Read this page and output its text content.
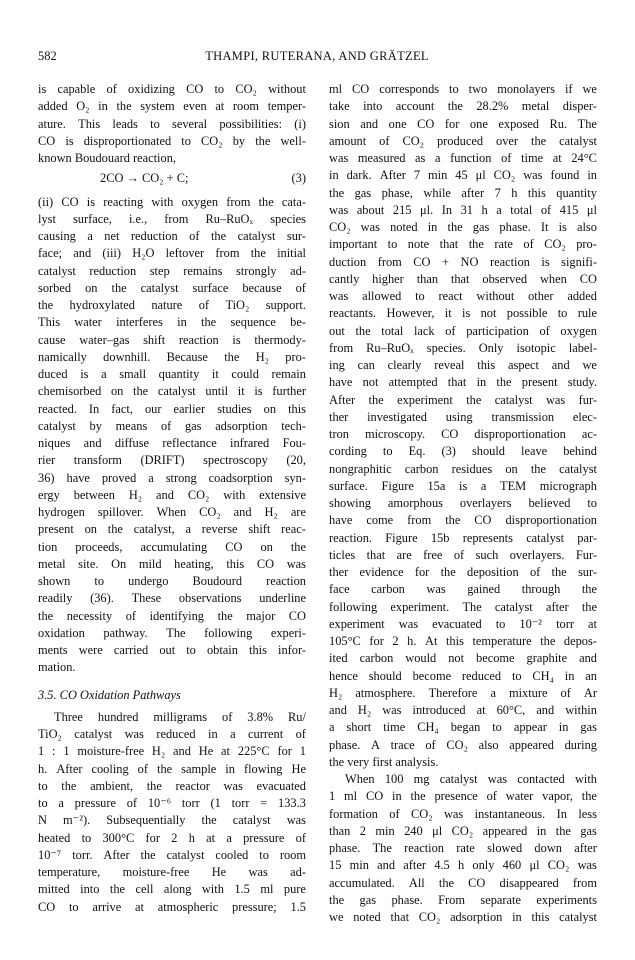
582	THAMPI, RUTERANA, AND GRÄTZEL
is capable of oxidizing CO to CO₂ without
added O₂ in the system even at room temper-
ature. This leads to several possibilities: (i)
CO is disproportionated to CO₂ by the well-
known Boudouard reaction,
2CO → CO₂ + C;	(3)
(ii) CO is reacting with oxygen from the cata-
lyst surface, i.e., from Ru–RuOₓ species
causing a net reduction of the catalyst sur-
face; and (iii) H₂O leftover from the initial
catalyst reduction step remains strongly ad-
sorbed on the catalyst surface because of
the hydroxylated nature of TiO₂ support.
This water interferes in the sequence be-
cause water–gas shift reaction is thermody-
namically downhill. Because the H₂ pro-
duced is a small quantity it could remain
chemisorbed on the catalyst until it is further
reacted. In fact, our earlier studies on this
catalyst by means of gas adsorption tech-
niques and diffuse reflectance infrared Fou-
rier transform (DRIFT) spectroscopy (20,
36) have proved a strong coadsorption syn-
ergy between H₂ and CO₂ with extensive
hydrogen spillover. When CO₂ and H₂ are
present on the catalyst, a reverse shift reac-
tion proceeds, accumulating CO on the
metal site. On mild heating, this CO was
shown to undergo Boudourd reaction
readily (36). These observations underline
the necessity of identifying the major CO
oxidation pathway. The following experi-
ments were carried out to obtain this infor-
mation.
3.5. CO Oxidation Pathways
Three hundred milligrams of 3.8% Ru/
TiO₂ catalyst was reduced in a current of
1 : 1 moisture-free H₂ and He at 225°C for 1
h. After cooling of the sample in flowing He
to the ambient, the reactor was evacuated
to a pressure of 10⁻⁶ torr (1 torr = 133.3
N m⁻²). Subsequentially the catalyst was
heated to 300°C for 2 h at a pressure of
10⁻⁷ torr. After the catalyst cooled to room
temperature, moisture-free He was ad-
mitted into the cell along with 1.5 ml pure
CO to arrive at atmospheric pressure; 1.5
ml CO corresponds to two monolayers if we
take into account the 28.2% metal disper-
sion and one CO for one exposed Ru. The
amount of CO₂ produced over the catalyst
was measured as a function of time at 24°C
in dark. After 7 min 45 μl CO₂ was found in
the gas phase, while after 7 h this quantity
was about 215 μl. In 31 h a total of 415 μl
CO₂ was noted in the gas phase. It is also
important to note that the rate of CO₂ pro-
duction from CO + NO reaction is signifi-
cantly higher than that observed when CO
was allowed to react without other added
reactants. However, it is not possible to rule
out the total lack of participation of oxygen
from Ru–RuOₓ species. Only isotopic label-
ing can clearly reveal this aspect and we
have not attempted that in the present study.
After the experiment the catalyst was fur-
ther investigated using transmission elec-
tron microscopy. CO disproportionation ac-
cording to Eq. (3) should leave behind
nongraphitic carbon residues on the catalyst
surface. Figure 15a is a TEM micrograph
showing amorphous overlayers believed to
have come from the CO disproportionation
reaction. Figure 15b represents catalyst par-
ticles that are free of such overlayers. Fur-
ther evidence for the deposition of the sur-
face carbon was gained through the
following experiment. The catalyst after the
experiment was evacuated to 10⁻² torr at
105°C for 2 h. At this temperature the depos-
ited carbon would not become graphite and
hence should become reduced to CH₄ in an
H₂ atmosphere. Therefore a mixture of Ar
and H₂ was introduced at 60°C, and within
a short time CH₄ began to appear in gas
phase. A trace of CO₂ also appeared during
the very first analysis.
When 100 mg catalyst was contacted with
1 ml CO in the presence of water vapor, the
formation of CO₂ was instantaneous. In less
than 2 min 240 μl CO₂ appeared in the gas
phase. The reaction rate slowed down after
15 min and after 4.5 h only 460 μl CO₂ was
accumulated. All the CO disappeared from
the gas phase. From separate experiments
we noted that CO₂ adsorption in this catalyst
